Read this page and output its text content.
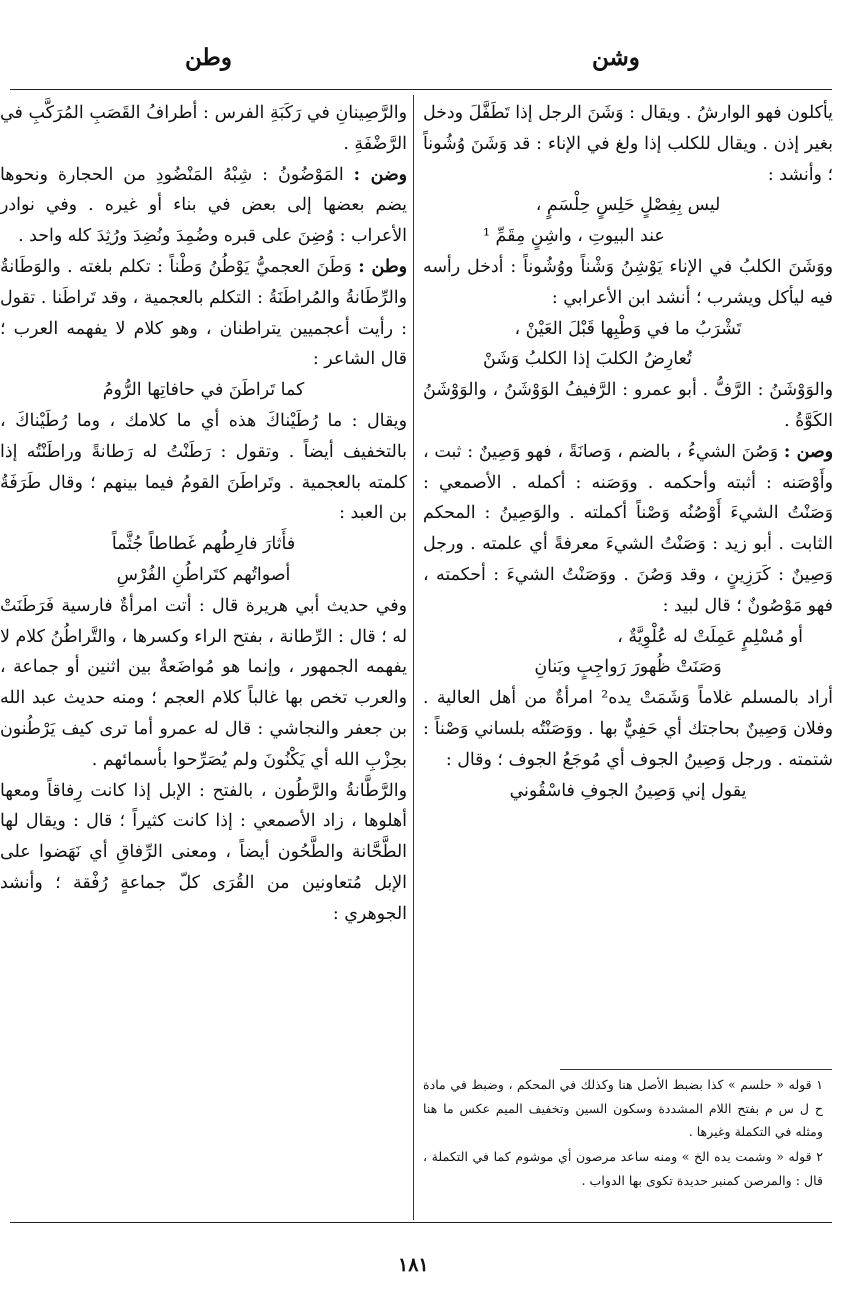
وشن
وطن

يأكلون فهو الوارشُ . ويقال : وَشَنَ الرجل إذا تَطَفَّلَ ودخل بغير إذن . ويقال للكلب إذا ولغ في الإناء : قد وَشَنَ وُشُوناً ؛ وأنشد :

ليس بِفِصْلٍ حَلِسٍ حِلْسَمٍ ،

عند البيوتِ ، واشِنٍ مِقَمِّ ¹

ووَشَنَ الكلبُ في الإناء يَوْشِنُ وَشْناً ووُشُوناً : أدخل رأسه فيه ليأكل ويشرب ؛ أنشد ابن الأعرابي :

تَشْرَبُ ما في وَطْبِها قَبْلَ العَيْنْ ،

تُعارِضُ الكلبَ إذا الكلبُ وَشَنْ

والوَوْشَنُ : الرَّفُّ . أبو عمرو : الرَّفيفُ الوَوْشَنُ ، والوَوْشَنُ الكَوَّةُ .

وصن : وَصُنَ الشيءُ ، بالضم ، وَصانَةً ، فهو وَصِينٌ : ثبت ، وأَوْصَنه : أثبته وأحكمه . ووَصَنه : أكمله . الأصمعي : وَصَنْتُ الشيءَ أَوْصُنُه وَصْناً أكملته . والوَصِينُ : المحكم الثابت . أبو زيد : وَصَنْتُ الشيءَ معرفةً أي علمته . ورجل وَصِينٌ : كَرَزِينٍ ، وقد وَصُنَ . ووَصَنْتُ الشيءَ : أحكمته ، فهو مَوْصُونٌ ؛ قال لبيد :

أو مُسْلِمٍ عَمِلَتْ له عُلْوِيَّةٌ ،

وَصَنَتْ ظُهورَ رَواجِبٍ وبَنانِ

أراد بالمسلم غلاماً وَشَمَتْ يده² امرأةٌ من أهل العالية . وفلان وَصِينٌ بحاجتك أي حَفِيٌّ بها . ووَصَنْتُه بلساني وَصْناً : شتمته . ورجل وَصِينُ الجوف أي مُوجَعُ الجوف ؛ وقال :

يقول إني وَصِينُ الجوفِ فاسْقُوني

١ قوله « حلسم » كذا بضبط الأصل هنا وكذلك في المحكم ، وضبط في مادة ح ل س م بفتح اللام المشددة وسكون السين وتخفيف الميم عكس ما هنا ومثله في التكملة وغيرها .

٢ قوله « وشمت يده الخ » ومنه ساعد مرصون أي موشوم كما في التكملة ، قال : والمرصن كمنبر حديدة تكوى بها الدواب .

والرَّصِينانِ في رَكَبَةِ الفرس : أطرافُ القَصَبِ المُرَكَّبِ في الرَّضْفَةِ .

وضن : المَوْضُونُ : شِبْهُ المَنْضُودِ من الحجارة ونحوها يضم بعضها إلى بعض في بناء أو غيره . وفي نوادر الأعراب : وُضِنَ على قبره وضُمِدَ ونُضِدَ ورُثِدَ كله واحد .

وطن : وَطَنَ العجميُّ يَوْطُنُ وَطْناً : تكلم بلغته . والوَطَانةُ والرِّطَانةُ والمُراطَنَةُ : التكلم بالعجمية ، وقد تَراطَنا . تقول : رأيت أعجميين يتراطنان ، وهو كلام لا يفهمه العرب ؛ قال الشاعر :

كما تَراطَنَ في حافاتِها الرُّومُ

ويقال : ما رُطَيْناكَ هذه أي ما كلامك ، وما رُطَيْناكَ ، بالتخفيف أيضاً . وتقول : رَطَنْتُ له رَطانةً وراطَنْتُه إذا كلمته بالعجمية . وتَراطَنَ القومُ فيما بينهم ؛ وقال طَرَفَةُ بن العبد :

فأَثارَ فارِطُهم غَطاطاً جُثَّماً

أصواتُهم كتَراطُنِ الفُرْسِ

وفي حديث أبي هريرة قال : أتت امرأةٌ فارسية فَرَطَنَتْ له ؛ قال : الرِّطانة ، بفتح الراء وكسرها ، والتَّراطُنُ كلام لا يفهمه الجمهور ، وإنما هو مُواضَعةٌ بين اثنين أو جماعة ، والعرب تخص بها غالباً كلام العجم ؛ ومنه حديث عبد الله بن جعفر والنجاشي : قال له عمرو أما ترى كيف يَرْطُنون بحِزْبِ الله أي يَكْنُونَ ولم يُصَرِّحوا بأسمائهم .

والرَّطَّانةُ والرَّطُون ، بالفتح : الإبل إذا كانت رِفاقاً ومعها أهلوها ، زاد الأصمعي : إذا كانت كثيراً ؛ قال : ويقال لها الطَّحَّانة والطَّحُون أيضاً ، ومعنى الرِّفاقِ أي نَهَضوا على الإبل مُتعاونين من القُرَى كلّ جماعةٍ رُفْقة ؛ وأنشد الجوهري :

١٨١
